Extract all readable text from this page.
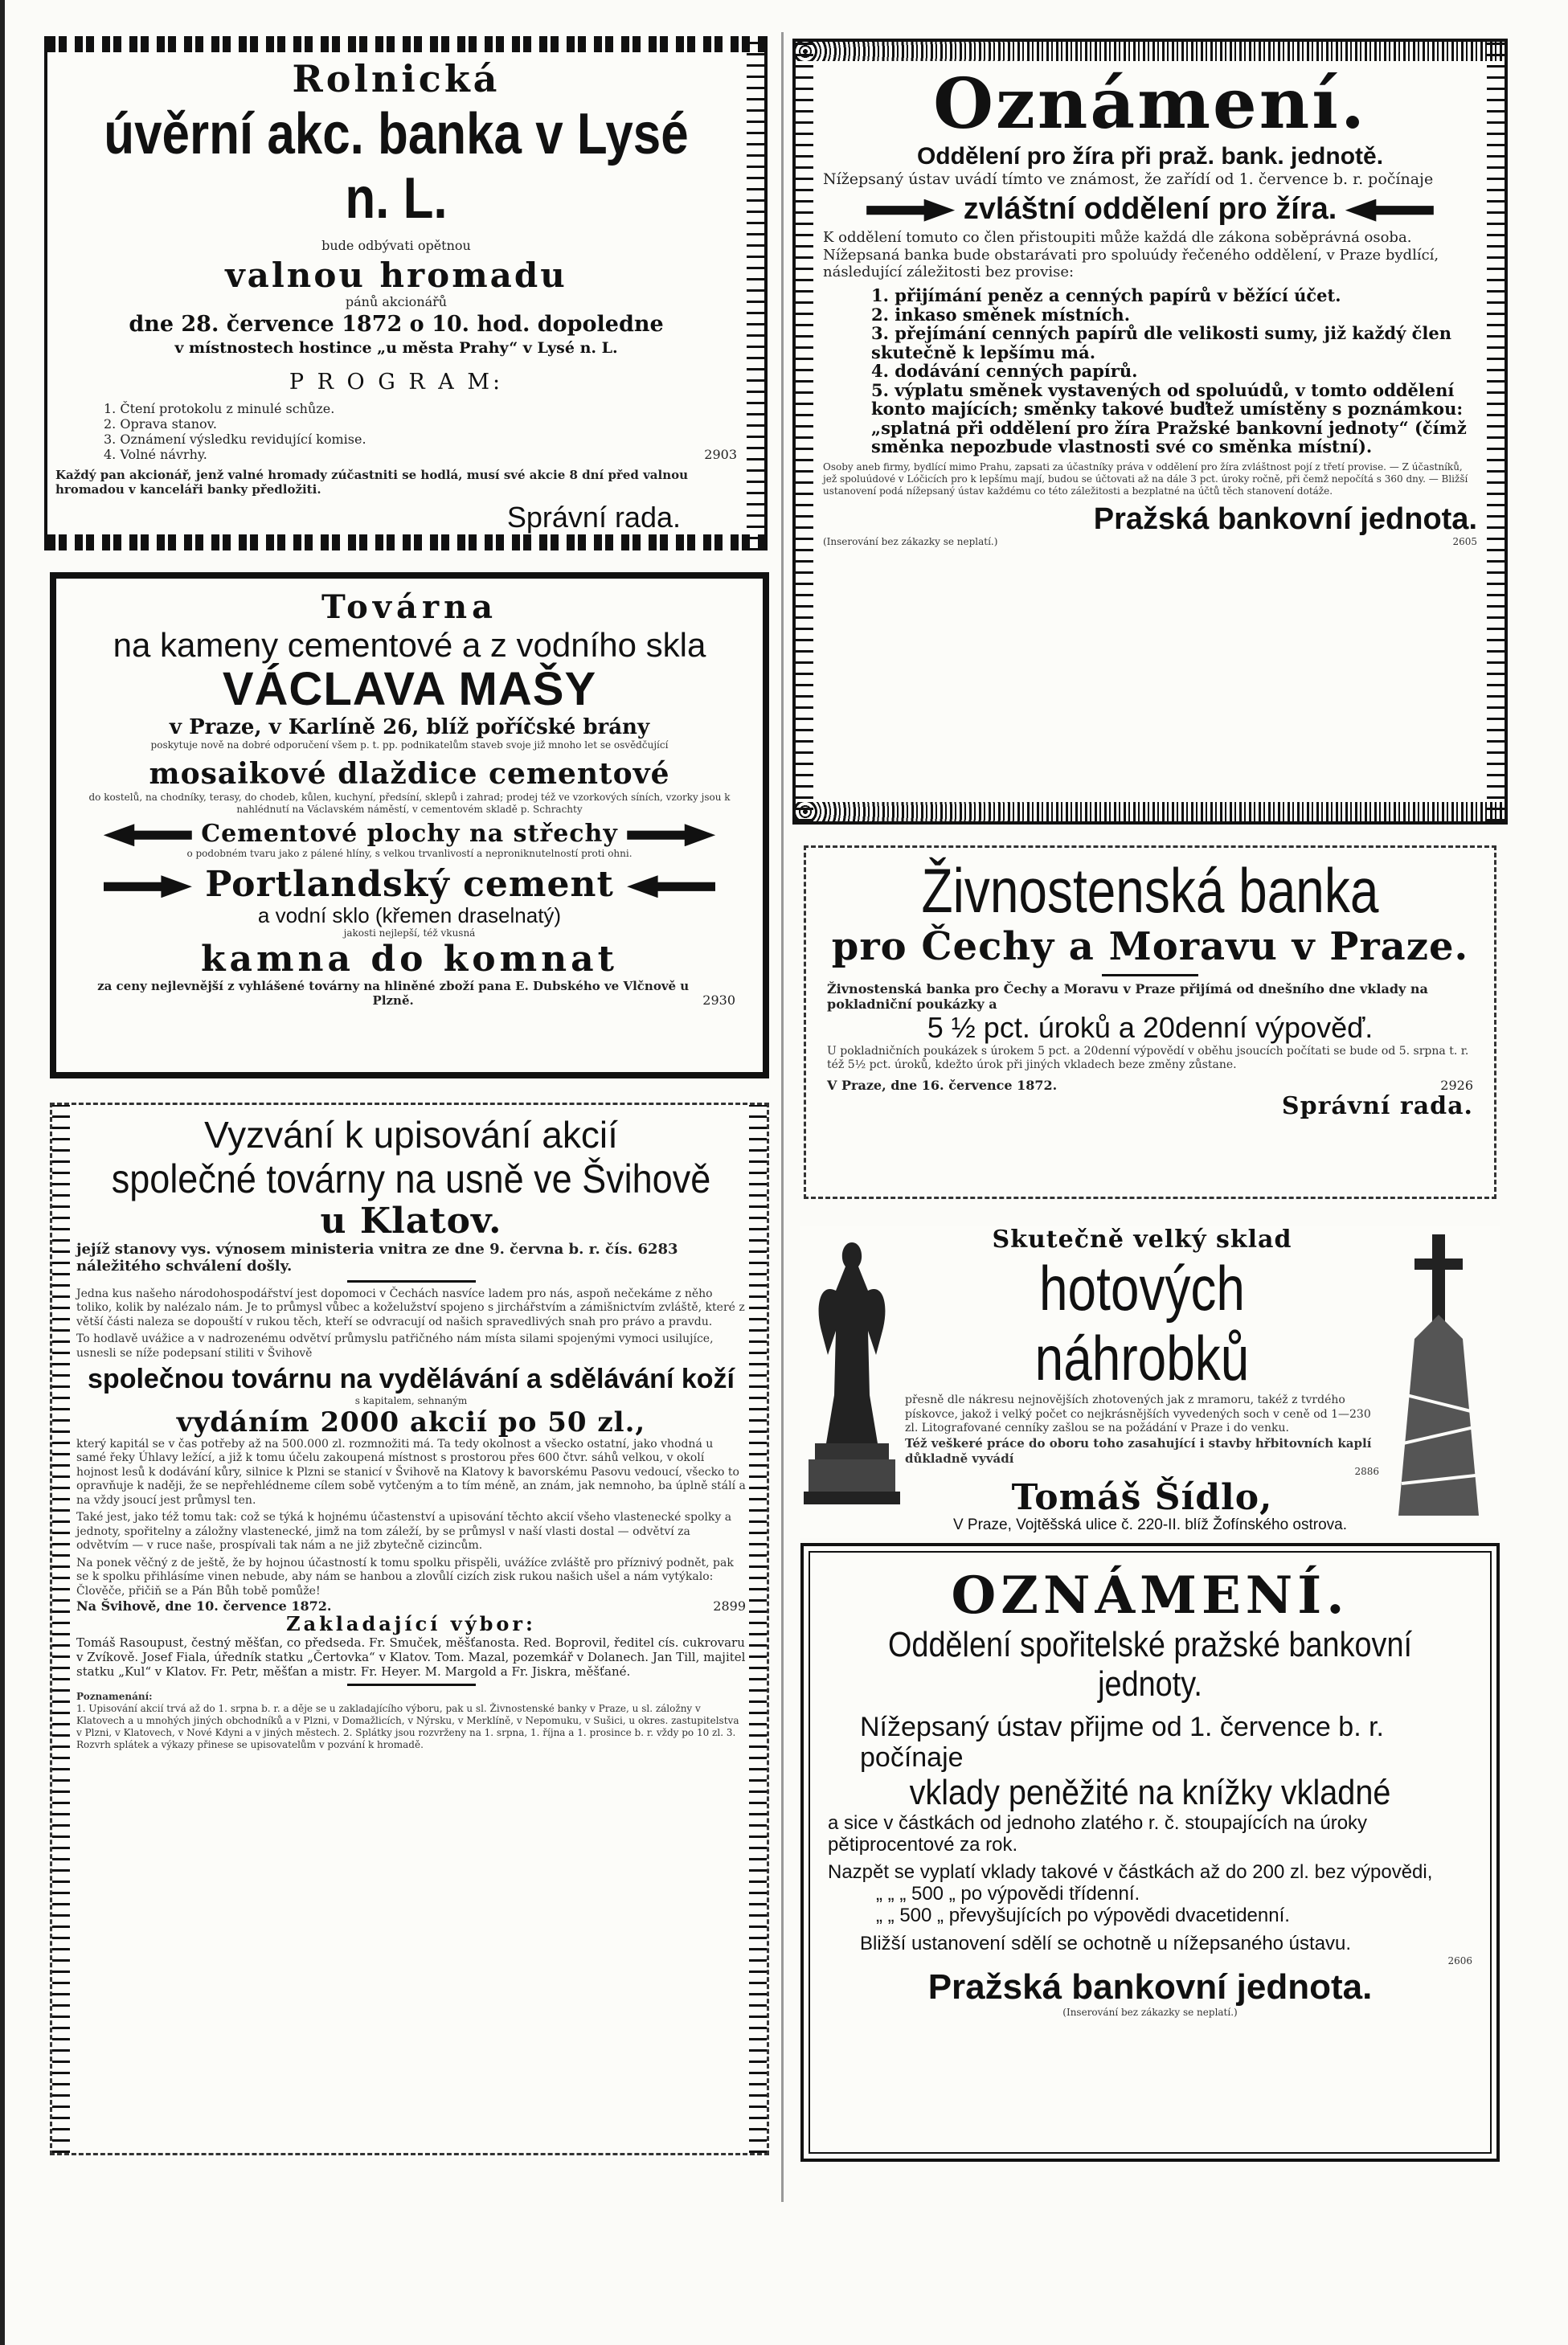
Rolnická

úvěrní akc. banka v Lysé n. L.

bude odbývati opětnou

valnou hromadu

pánů akcionářů

dne 28. července 1872 o 10. hod. dopoledne

v místnostech hostince „u města Prahy“ v Lysé n. L.

P R O G R A M:

1. Čtení protokolu z minulé schůze.

2. Oprava stanov.

3. Oznámení výsledku revidující komise.

4. Volné návrhy.	2903

Každý pan akcionář, jenž valné hromady zúčastniti se hodlá, musí své akcie 8 dní před valnou hromadou v kanceláři banky předložiti.

Správní rada.

Továrna

na kameny cementové a z vodního skla

VÁCLAVA MAŠY

v Praze, v Karlíně 26, blíž poříčské brány

poskytuje nově na dobré odporučení všem p. t. pp. podnikatelům staveb svoje již mnoho let se osvědčující

mosaikové dlaždice cementové

do kostelů, na chodníky, terasy, do chodeb, kůlen, kuchyní, předsíní, sklepů i zahrad; prodej též ve vzorkových síních, vzorky jsou k nahlédnutí na Václavském náměstí, v cementovém skladě p. Schrachty

Cementové plochy na střechy

o podobném tvaru jako z pálené hlíny, s velkou trvanlivostí a neproniknutelností proti ohni.

Portlandský cement

a vodní sklo (křemen draselnatý)

jakosti nejlepší, též vkusná

kamna do komnat

za ceny nejlevnější z vyhlášené továrny na hliněné zboží pana E. Dubského ve Vlčnově u Plzně.	2930

Vyzvání k upisování akcií

společné továrny na usně ve Švihově

u Klatov.

jejíž stanovy vys. výnosem ministeria vnitra ze dne 9. června b. r. čís. 6283 náležitého schválení došly.

Jedna kus našeho národohospodářství jest dopomoci v Čechách nasvíce ladem pro nás, aspoň nečekáme z něho toliko, kolik by nalézalo nám. Je to průmysl vůbec a koželužství spojeno s jirchářstvím a zámišnictvím zvláště, které z větší části naleza se dopouští v rukou těch, kteří se odvracují od našich spravedlivých snah pro právo a pravdu.

To hodlavě uvážice a v nadrozenému odvětví průmyslu patřičného nám místa silami spojenými vymoci usilujíce, usnesli se níže podepsaní stiliti v Švihově

společnou továrnu na vydělávání a sdělávání koží

s kapitalem, sehnaným

vydáním 2000 akcií po 50 zl.,

který kapitál se v čas potřeby až na 500.000 zl. rozmnožiti má. Ta tedy okolnost a všecko ostatní, jako vhodná u samé řeky Úhlavy ležící, a již k tomu účelu zakoupená místnost s prostorou přes 600 čtvr. sáhů velkou, v okolí hojnost lesů k dodávání kůry, silnice k Plzni se stanicí v Švihově na Klatovy k bavorskému Pasovu vedoucí, všecko to opravňuje k naději, že se nepřehlédneme cílem sobě vytčeným a to tím méně, an znám, jak nemnoho, ba úplně stálí a na vždy jsoucí jest průmysl ten.

Také jest, jako též tomu tak: což se týká k hojnému účastenství a upisování těchto akcií všeho vlastenecké spolky a jednoty, spořitelny a záložny vlastenecké, jimž na tom záleží, by se průmysl v naší vlasti dostal — odvětví za odvětvím — v ruce naše, prospívali tak nám a ne již zbytečně cizincům.

Na ponek věčný z de ještě, že by hojnou účastností k tomu spolku přispěli, uvážíce zvláště pro příznivý podnět, pak se k spolku přihlásíme vinen nebude, aby nám se hanbou a zlovůlí cizích zisk rukou našich ušel a nám vytýkalo: Člověče, přičiň se a Pán Bůh tobě pomůže!

Na Švihově, dne 10. července 1872.	2899

Zakladající výbor:

Tomáš Rasoupust, čestný měšťan, co předseda. Fr. Smuček, měšťanosta. Red. Boprovil, ředitel cís. cukrovaru v Zvíkově. Josef Fiala, úředník statku „Čertovka“ v Klatov. Tom. Mazal, pozemkář v Dolanech. Jan Till, majitel statku „Kul“ v Klatov. Fr. Petr, měšťan a mistr. Fr. Heyer. M. Margold a Fr. Jiskra, měšťané.

Poznamenání:

1. Upisování akcií trvá až do 1. srpna b. r. a děje se u zakladajícího výboru, pak u sl. Živnostenské banky v Praze, u sl. záložny v Klatovech a u mnohých jiných obchodníků a v Plzni, v Domažlicích, v Nýrsku, v Merklíně, v Nepomuku, v Sušici, u okres. zastupitelstva v Plzni, v Klatovech, v Nové Kdyni a v jiných městech. 2. Splátky jsou rozvrženy na 1. srpna, 1. října a 1. prosince b. r. vždy po 10 zl. 3. Rozvrh splátek a výkazy přinese se upisovatelům v pozvání k hromadě.

Oznámení.

Oddělení pro žíra při praž. bank. jednotě.

Nížepsaný ústav uvádí tímto ve známost, že zařídí od 1. července b. r. počínaje

zvláštní oddělení pro žíra.

K oddělení tomuto co člen přistoupiti může každá dle zákona soběprávná osoba. Nížepsaná banka bude obstarávati pro spoluúdy řečeného oddělení, v Praze bydlící, následující záležitosti bez provise:

1. přijímání peněz a cenných papírů v běžící účet.

2. inkaso směnek místních.

3. přejímání cenných papírů dle velikosti sumy, již každý člen skutečně k lepšímu má.

4. dodávání cenných papírů.

5. výplatu směnek vystavených od spoluúdů, v tomto oddělení konto majících; směnky takové buďtež umístěny s poznámkou: „splatná při oddělení pro žíra Pražské bankovní jednoty“ (čímž směnka nepozbude vlastnosti své co směnka místní).

Osoby aneb firmy, bydlící mimo Prahu, zapsati za účastníky práva v oddělení pro žíra zvláštnost pojí z třetí provise. — Z účastníků, jež spoluúdové v Lóčicích pro k lepšímu mají, budou se účtovati až na dále 3 pct. úroky ročně, při čemž nepočítá s 360 dny. — Bližší ustanovení podá nížepsaný ústav každému co této záležitosti a bezplatné na účtů těch stanovení dotáže.

Pražská bankovní jednota.

(Inserování bez zákazky se neplatí.)	2605

Živnostenská banka

pro Čechy a Moravu v Praze.

Živnostenská banka pro Čechy a Moravu v Praze přijímá od dnešního dne vklady na pokladniční poukázky a

5 ½ pct. úroků a 20denní výpověď.

U pokladničních poukázek s úrokem 5 pct. a 20denní výpovědí v oběhu jsoucích počítati se bude od 5. srpna t. r. též 5½ pct. úroků, kdežto úrok při jiných vkladech beze změny zůstane.

V Praze, dne 16. července 1872.	2926

Správní rada.

Skutečně velký sklad

hotových náhrobků

přesně dle nákresu nejnovějších zhotovených jak z mramoru, takéž z tvrdého pískovce, jakož i velký počet co nejkrásnějších vyvedených soch v ceně od 1—230 zl. Litografované cenníky zašlou se na požádání v Praze i do venku.

Též veškeré práce do oboru toho zasahující i stavby hřbitovních kaplí důkladně vyvádí

2886

Tomáš Šídlo,

V Praze, Vojtěšská ulice č. 220-II. blíž Žofínského ostrova.

OZNÁMENÍ.

Oddělení spořitelské pražské bankovní jednoty.

Nížepsaný ústav přijme od 1. července b. r. počínaje

vklady peněžité na knížky vkladné

a sice v částkách od jednoho zlatého r. č. stoupajících na úroky pětiprocentové za rok.

Nazpět se vyplatí vklady takové v částkách až do 200 zl. bez výpovědi,

„ „ „ 500 „ po výpovědi třídenní.

„ „ 500 „ převyšujících po výpovědi dvacetidenní.

Bližší ustanovení sdělí se ochotně u nížepsaného ústavu.

2606

Pražská bankovní jednota.

(Inserování bez zákazky se neplatí.)
